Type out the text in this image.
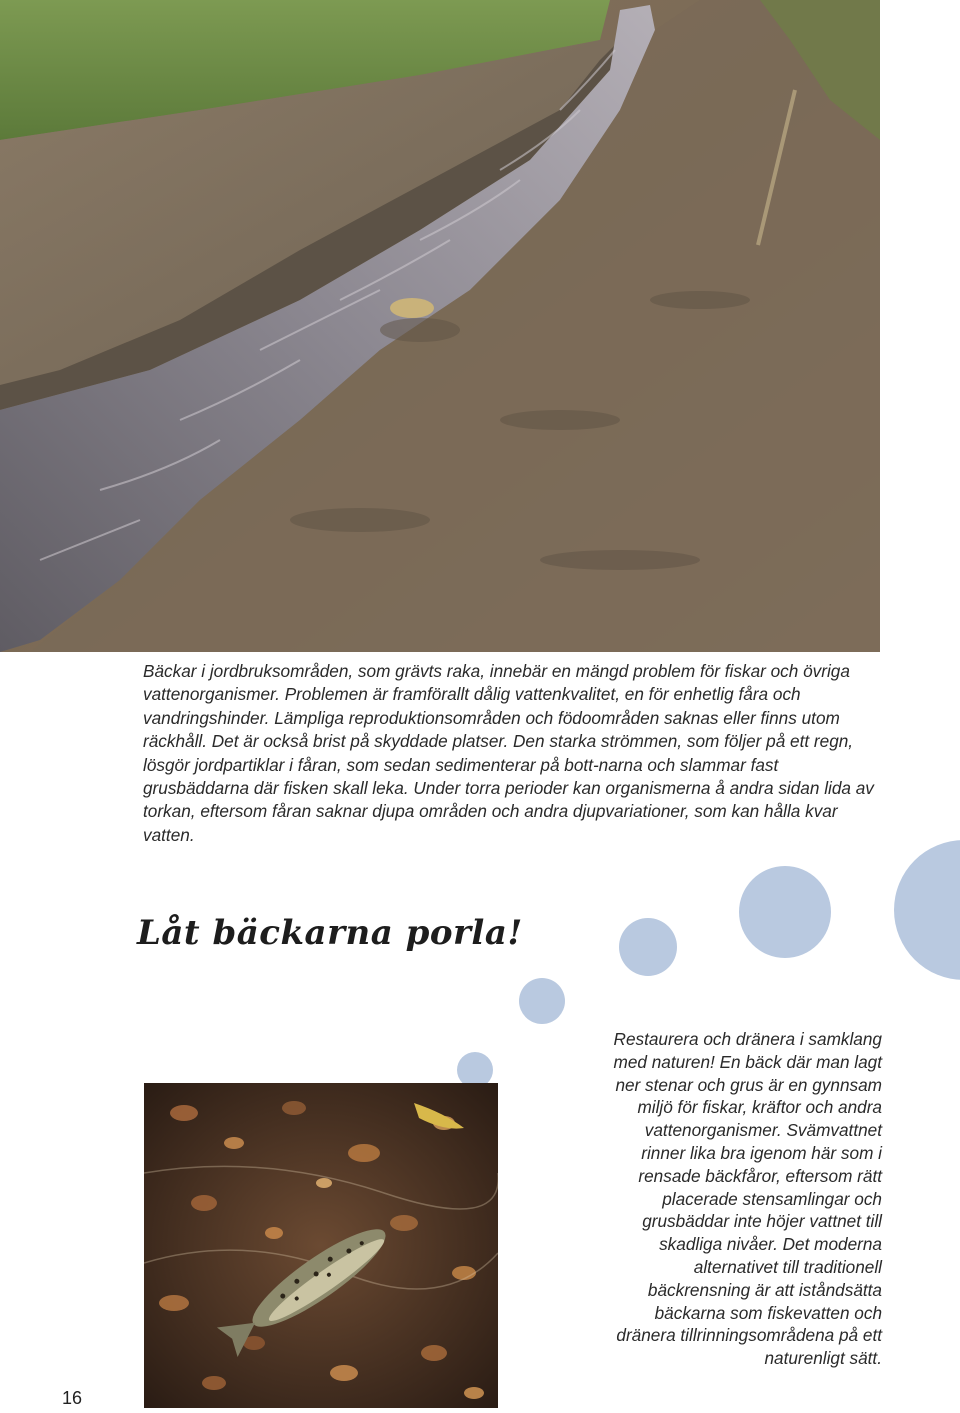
Bäckar i jordbruksområden, som grävts raka, innebär en mängd problem för fiskar och övriga vattenorganismer. Problemen är framförallt dålig vattenkvalitet, en för enhetlig fåra och vandringshinder. Lämpliga reproduktionsområden och födoområden saknas eller finns utom räckhåll. Det är också brist på skyddade platser. Den starka strömmen, som följer på ett regn, lösgör jordpartiklar i fåran, som sedan sedimenterar på bott-narna och slammar fast grusbäddarna där fisken skall leka. Under torra perioder kan organismerna å andra sidan lida av torkan, eftersom fåran saknar djupa områden och andra djupvariationer, som kan hålla kvar vatten.

Låt bäckarna porla!

Restaurera och dränera i samklang med naturen! En bäck där man lagt ner stenar och grus är en gynnsam miljö för fiskar, kräftor och andra vattenorganismer. Svämvattnet rinner lika bra igenom här som i rensade bäckfåror, eftersom rätt placerade stensamlingar och grusbäddar inte höjer vattnet till skadliga nivåer. Det moderna alternativet till traditionell bäckrensning är att iståndsätta bäckarna som fiskevatten och dränera tillrinningsområdena på ett naturenligt sätt.

16
